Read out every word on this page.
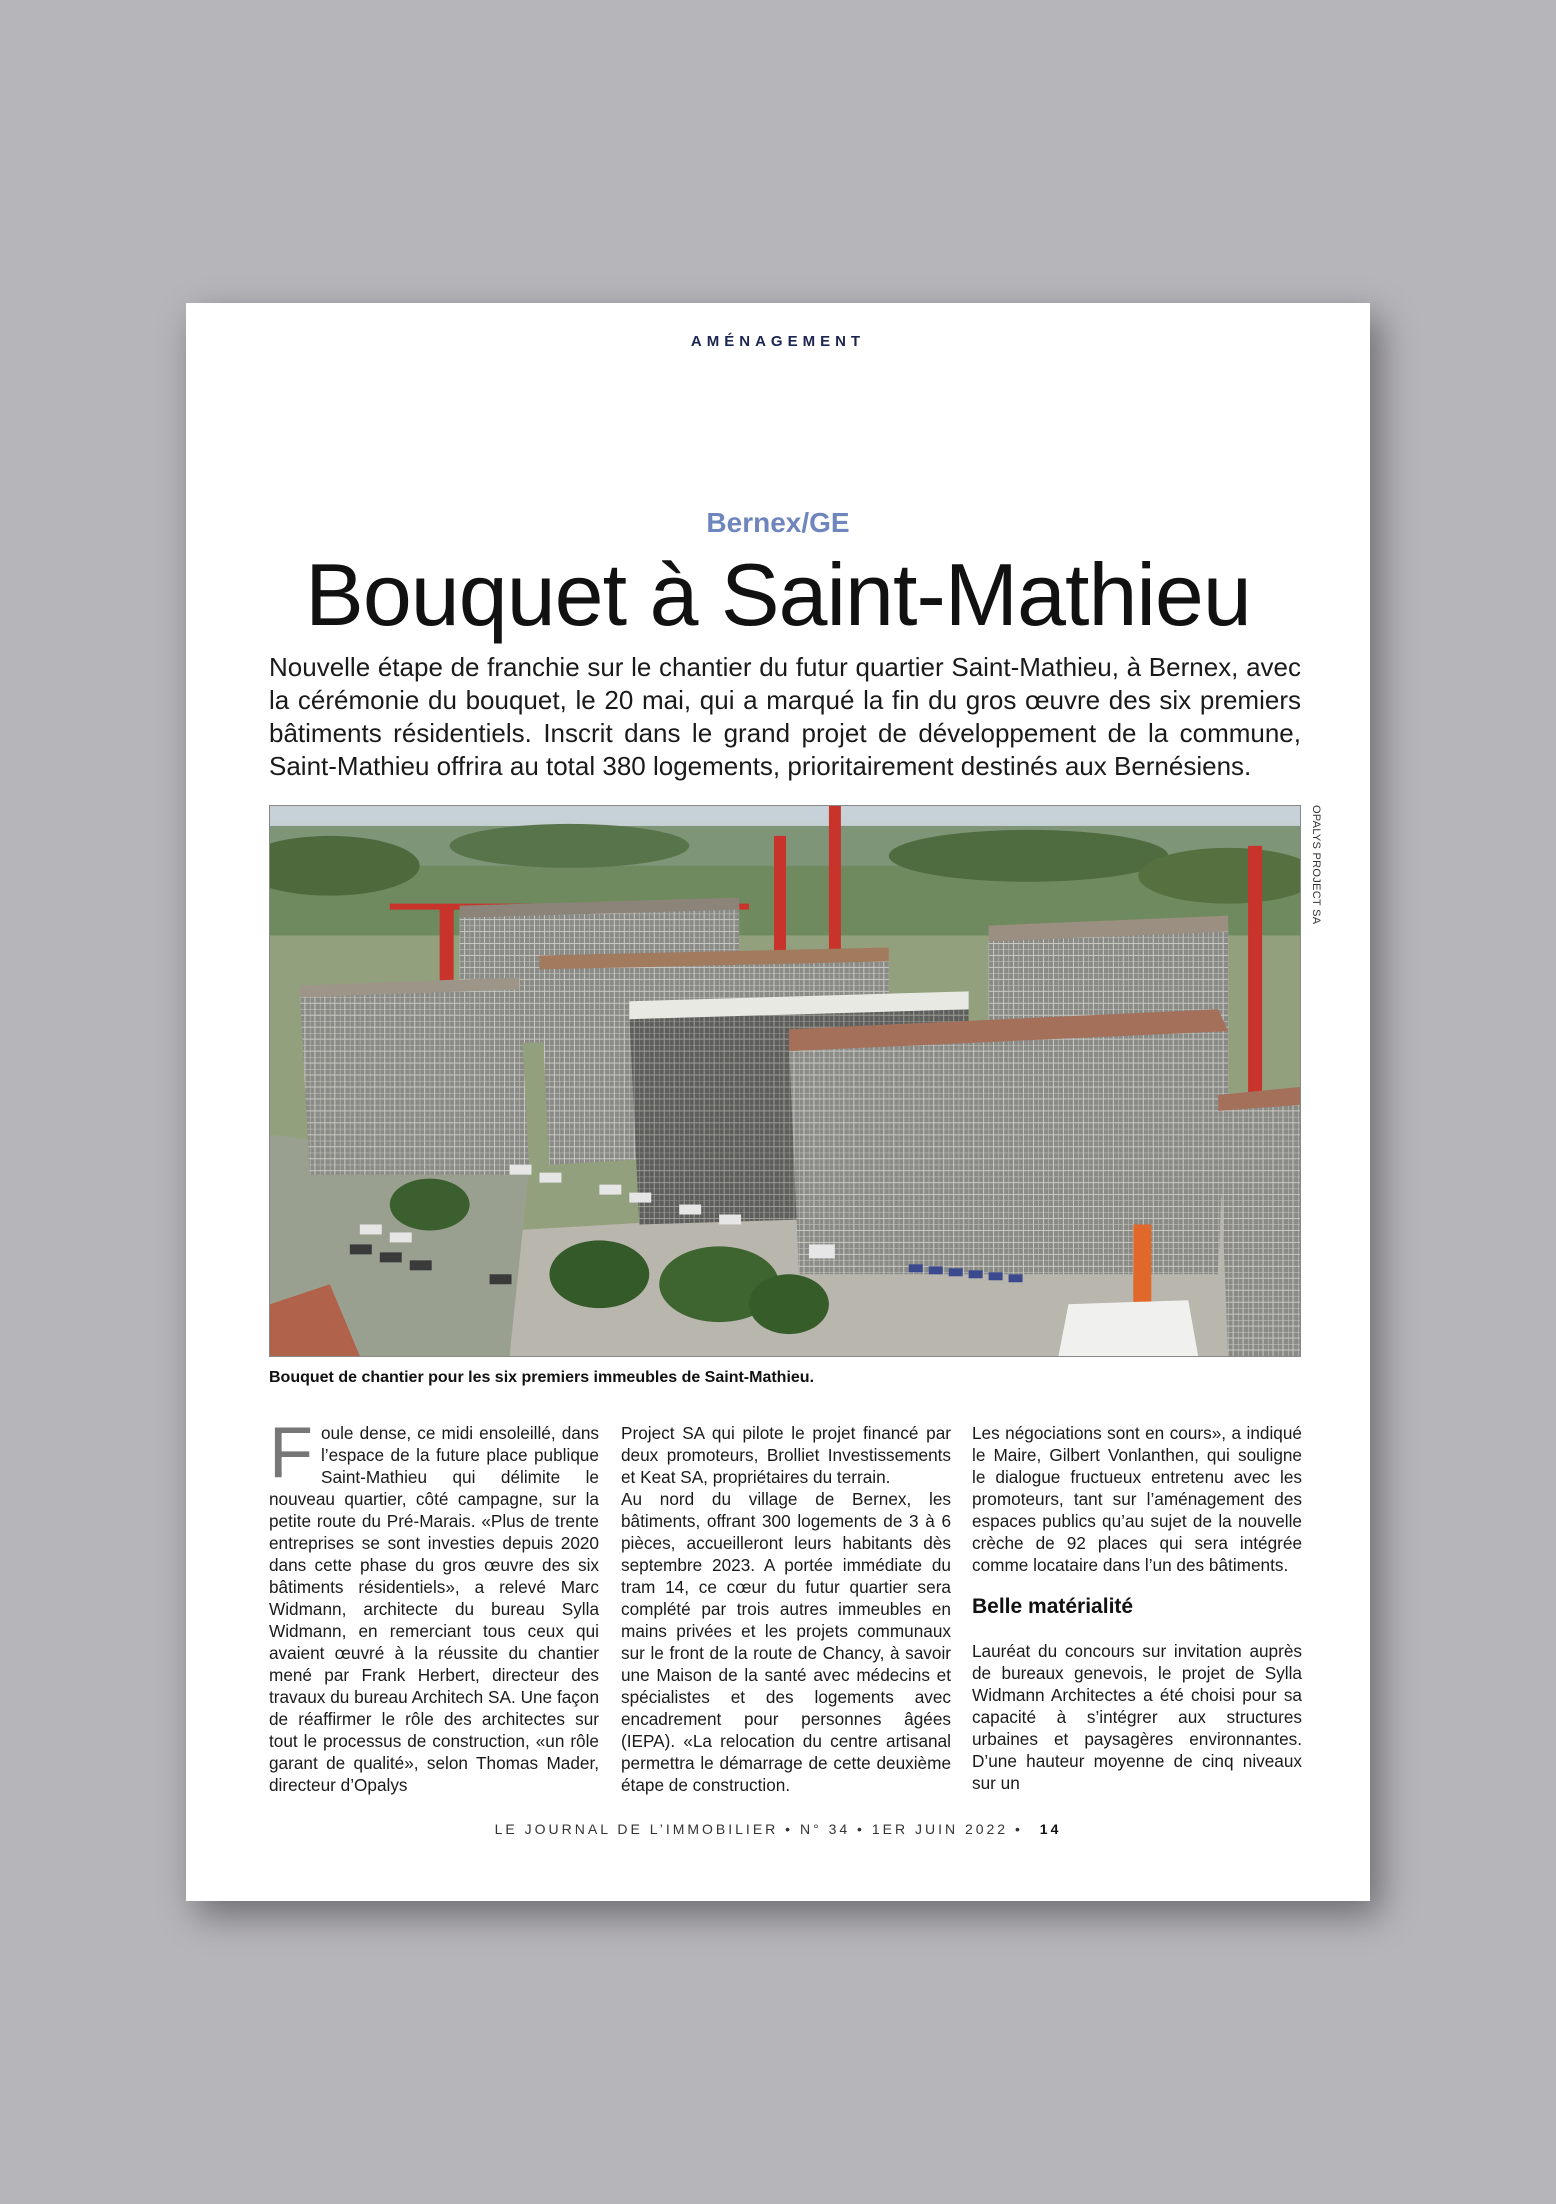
AMÉNAGEMENT
Bernex/GE
Bouquet à Saint-Mathieu
Nouvelle étape de franchie sur le chantier du futur quartier Saint-Mathieu, à Bernex, avec la cérémonie du bouquet, le 20 mai, qui a marqué la fin du gros œuvre des six premiers bâtiments résidentiels. Inscrit dans le grand projet de développement de la commune, Saint-Mathieu offrira au total 380 logements, prioritairement destinés aux Bernésiens.
OPALYS PROJECT SA
Bouquet de chantier pour les six premiers immeubles de Saint-Mathieu.

Foule dense, ce midi ensoleillé, dans l’espace de la future place publique Saint-Mathieu qui délimite le nouveau quartier, côté campagne, sur la petite route du Pré-Marais. «Plus de trente entreprises se sont investies depuis 2020 dans cette phase du gros œuvre des six bâtiments résidentiels», a relevé Marc Widmann, architecte du bureau Sylla Widmann, en remerciant tous ceux qui avaient œuvré à la réussite du chantier mené par Frank Herbert, directeur des travaux du bureau Architech SA. Une façon de réaffirmer le rôle des architectes sur tout le processus de construction, «un rôle garant de qualité», selon Thomas Mader, directeur d’Opalys

Project SA qui pilote le projet financé par deux promoteurs, Brolliet Investissements et Keat SA, propriétaires du terrain.

Au nord du village de Bernex, les bâtiments, offrant 300 logements de 3 à 6 pièces, accueilleront leurs habitants dès septembre 2023. A portée immédiate du tram 14, ce cœur du futur quartier sera complété par trois autres immeubles en mains privées et les projets communaux sur le front de la route de Chancy, à savoir une Maison de la santé avec médecins et spécialistes et des logements avec encadrement pour personnes âgées (IEPA). «La relocation du centre artisanal permettra le démarrage de cette deuxième étape de construction.

Les négociations sont en cours», a indiqué le Maire, Gilbert Vonlanthen, qui souligne le dialogue fructueux entretenu avec les promoteurs, tant sur l’aménagement des espaces publics qu’au sujet de la nouvelle crèche de 92 places qui sera intégrée comme locataire dans l’un des bâtiments.

Belle matérialité

Lauréat du concours sur invitation auprès de bureaux genevois, le projet de Sylla Widmann Architectes a été choisi pour sa capacité à s’intégrer aux structures urbaines et paysagères environnantes. D’une hauteur moyenne de cinq niveaux sur un

LE JOURNAL DE L’IMMOBILIER • N° 34 • 1ER JUIN 2022 • 14
